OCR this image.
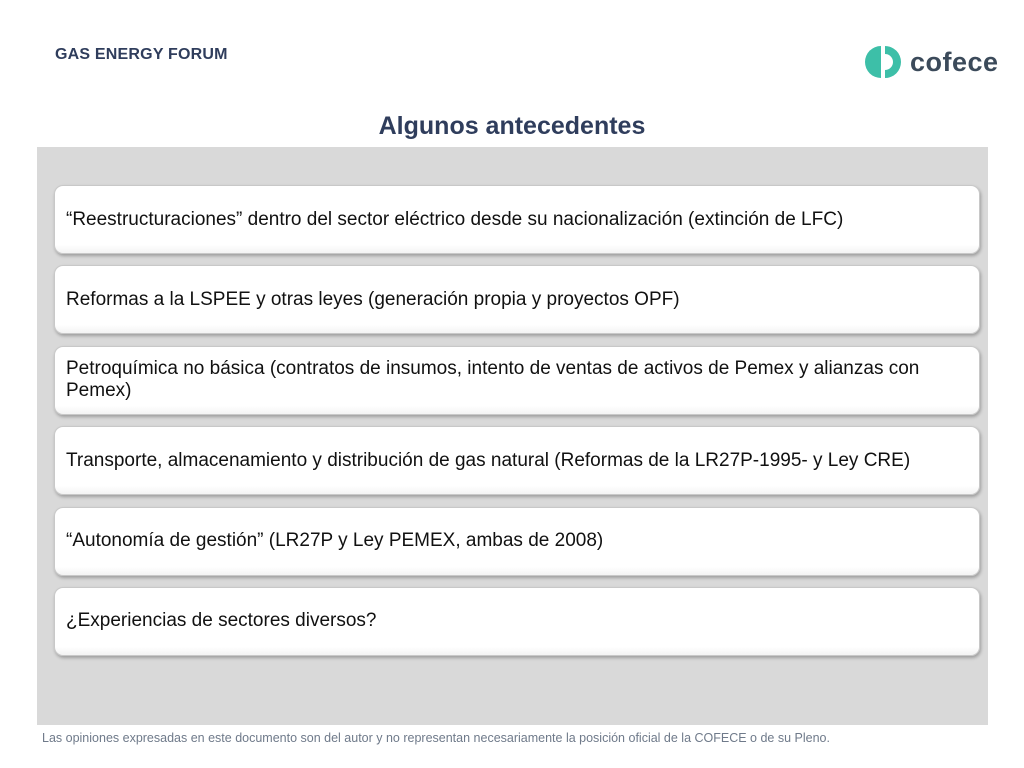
GAS ENERGY FORUM	cofece
Algunos antecedentes
“Reestructuraciones” dentro del sector eléctrico desde su nacionalización (extinción de LFC)
Reformas a la LSPEE y otras leyes (generación propia y proyectos OPF)
Petroquímica no básica (contratos de insumos, intento de ventas de activos de Pemex y alianzas con Pemex)
Transporte, almacenamiento y distribución de gas natural (Reformas de la LR27P-1995- y Ley CRE)
“Autonomía de gestión” (LR27P y Ley PEMEX, ambas de 2008)
¿Experiencias de sectores diversos?
Las opiniones expresadas en este documento son del autor y no representan necesariamente la posición oficial de la COFECE o de su Pleno.
